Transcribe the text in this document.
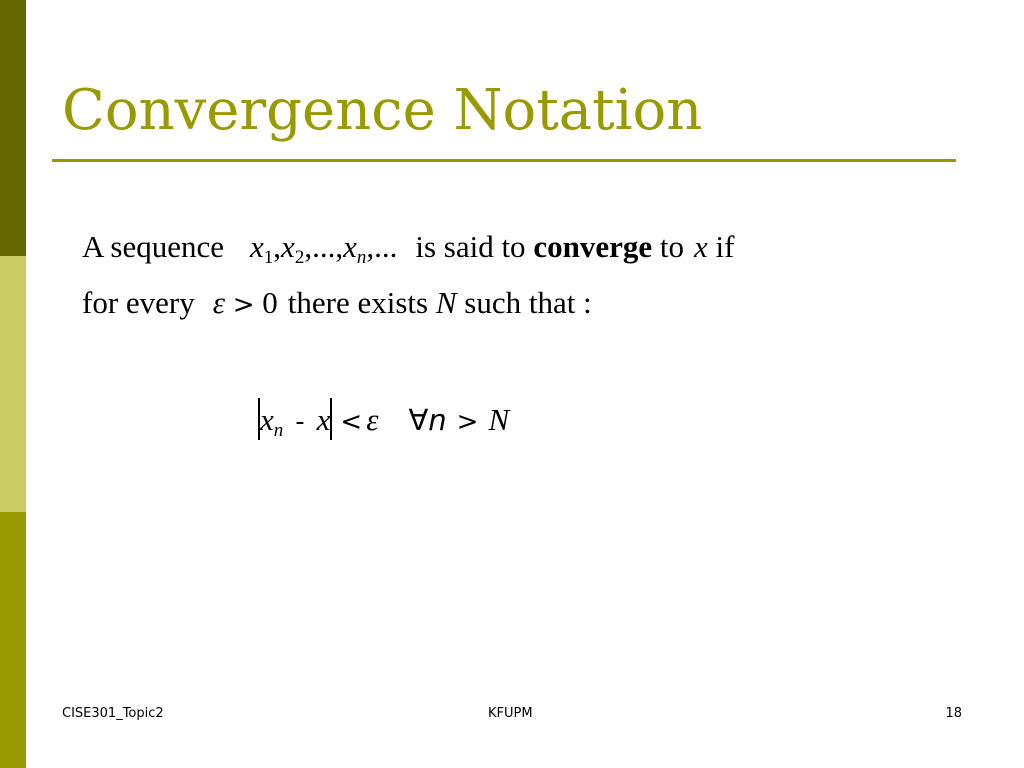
Convergence Notation
A sequence $x_1,x_2,...,x_n$,... is said to converge to x if
for every ε > 0 there exists N such that :
$x_n - x < \varepsilon$ ∀n > N
CISE301_Topic2	KFUPM	18
